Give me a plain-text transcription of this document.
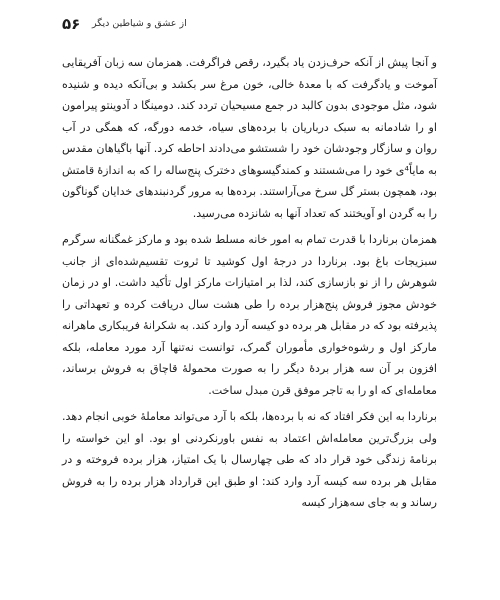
۵۶ از عشق و شیاطین دیگر

و آنجا پیش از آنکه حرف‌زدن یاد بگیرد، رقص فراگرفت. همزمان سه زبان آفریقایی آموخت و یادگرفت که با معدهٔ خالی، خون مرغ سر بکشد و بی‌آنکه دیده و شنیده شود، مثل موجودی بدون کالبد در جمع مسیحیان تردد کند. دومینگا د آدوینتو پیرامون او را شادمانه به سبک درباریان با برده‌های سیاه، خدمه دورگه، که همگی در آب روان و سازگار وجودشان خود را شستشو می‌دادند احاطه کرد. آنها باگیاهان مقدس به مایاً⁴ی خود را می‌شستند و کمندگیسوهای دخترک پنج‌ساله را که به اندازهٔ قامتش بود، همچون بستر گل سرخ می‌آراستند. برده‌ها به مرور گردنبندهای خدایان گوناگون را به گردن او آویختند که تعداد آنها به شانزده می‌رسید.

همزمان برناردا با قدرت تمام به امور خانه مسلط شده بود و مارکز غمگنانه سرگرم سبزیجات باغ بود. برناردا در درجهٔ اول کوشید تا ثروت تقسیم‌شده‌ای از جانب شوهرش را از نو بازسازی کند، لذا بر امتیازات مارکز اول تأکید داشت. او در زمان خودش مجوز فروش پنج‌هزار برده را طی هشت سال دریافت کرده و تعهداتی را پذیرفته بود که در مقابل هر برده دو کیسه آرد وارد کند. به شکرانهٔ فریبکاری ماهرانه مارکز اول و رشوه‌خواری مأموران گمرک، توانست نه‌تنها آرد مورد معامله، بلکه افزون بر آن سه هزار بردهٔ دیگر را به صورت محمولهٔ قاچاق به فروش برساند، معامله‌ای که او را به تاجر موفق قرن مبدل ساخت.

برناردا به این فکر افتاد که نه با برده‌ها، بلکه با آرد می‌تواند معاملهٔ خوبی انجام دهد. ولی بزرگ‌ترین معامله‌اش اعتماد به نفس باورنکردنی او بود. او این خواسته را برنامهٔ زندگی خود قرار داد که طی چهارسال با یک امتیاز، هزار برده فروخته و در مقابل هر برده سه کیسه آرد وارد کند: او طبق این قرارداد هزار برده را به فروش رساند و به جای سه‌هزار کیسه
